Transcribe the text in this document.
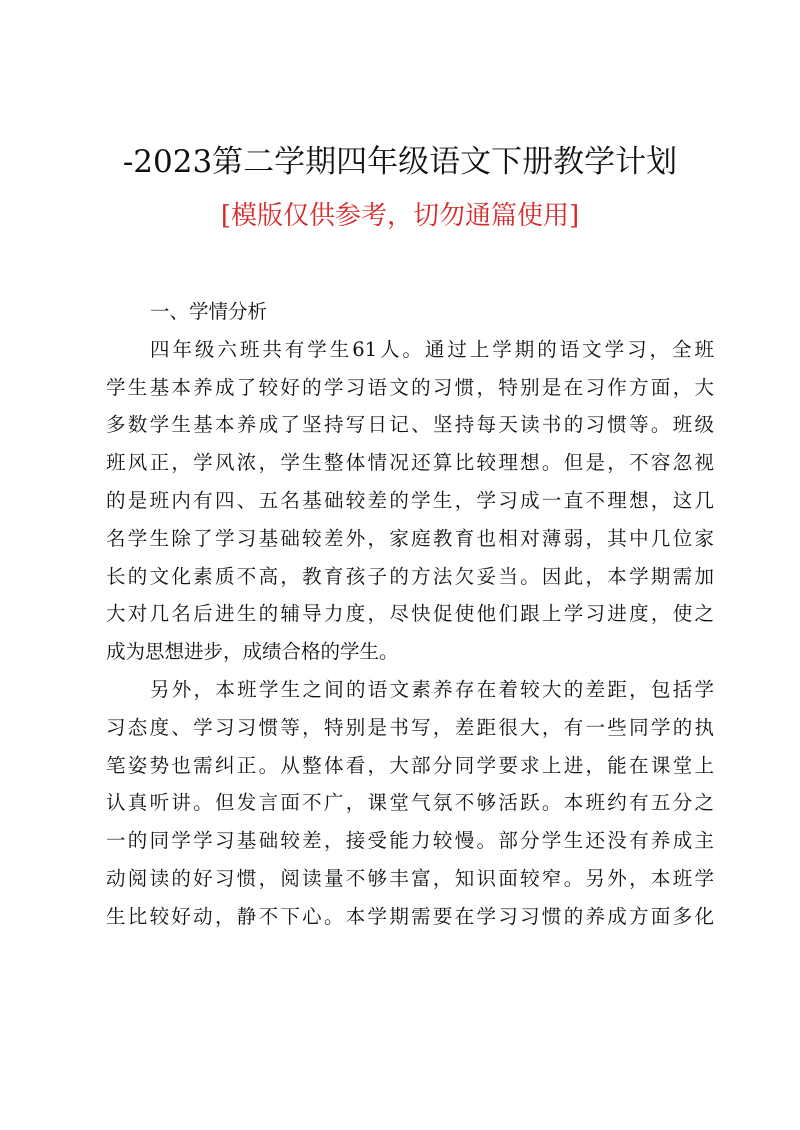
-2023第二学期四年级语文下册教学计划
[模版仅供参考，切勿通篇使用]

一、学情分析

四年级六班共有学生61人。通过上学期的语文学习，全班
学生基本养成了较好的学习语文的习惯，特别是在习作方面，大
多数学生基本养成了坚持写日记、坚持每天读书的习惯等。班级
班风正，学风浓，学生整体情况还算比较理想。但是，不容忽视
的是班内有四、五名基础较差的学生，学习成一直不理想，这几
名学生除了学习基础较差外，家庭教育也相对薄弱，其中几位家
长的文化素质不高，教育孩子的方法欠妥当。因此，本学期需加
大对几名后进生的辅导力度，尽快促使他们跟上学习进度，使之
成为思想进步，成绩合格的学生。

另外，本班学生之间的语文素养存在着较大的差距，包括学
习态度、学习习惯等，特别是书写，差距很大，有一些同学的执
笔姿势也需纠正。从整体看，大部分同学要求上进，能在课堂上
认真听讲。但发言面不广，课堂气氛不够活跃。本班约有五分之
一的同学学习基础较差，接受能力较慢。部分学生还没有养成主
动阅读的好习惯，阅读量不够丰富，知识面较窄。另外，本班学
生比较好动，静不下心。本学期需要在学习习惯的养成方面多化
